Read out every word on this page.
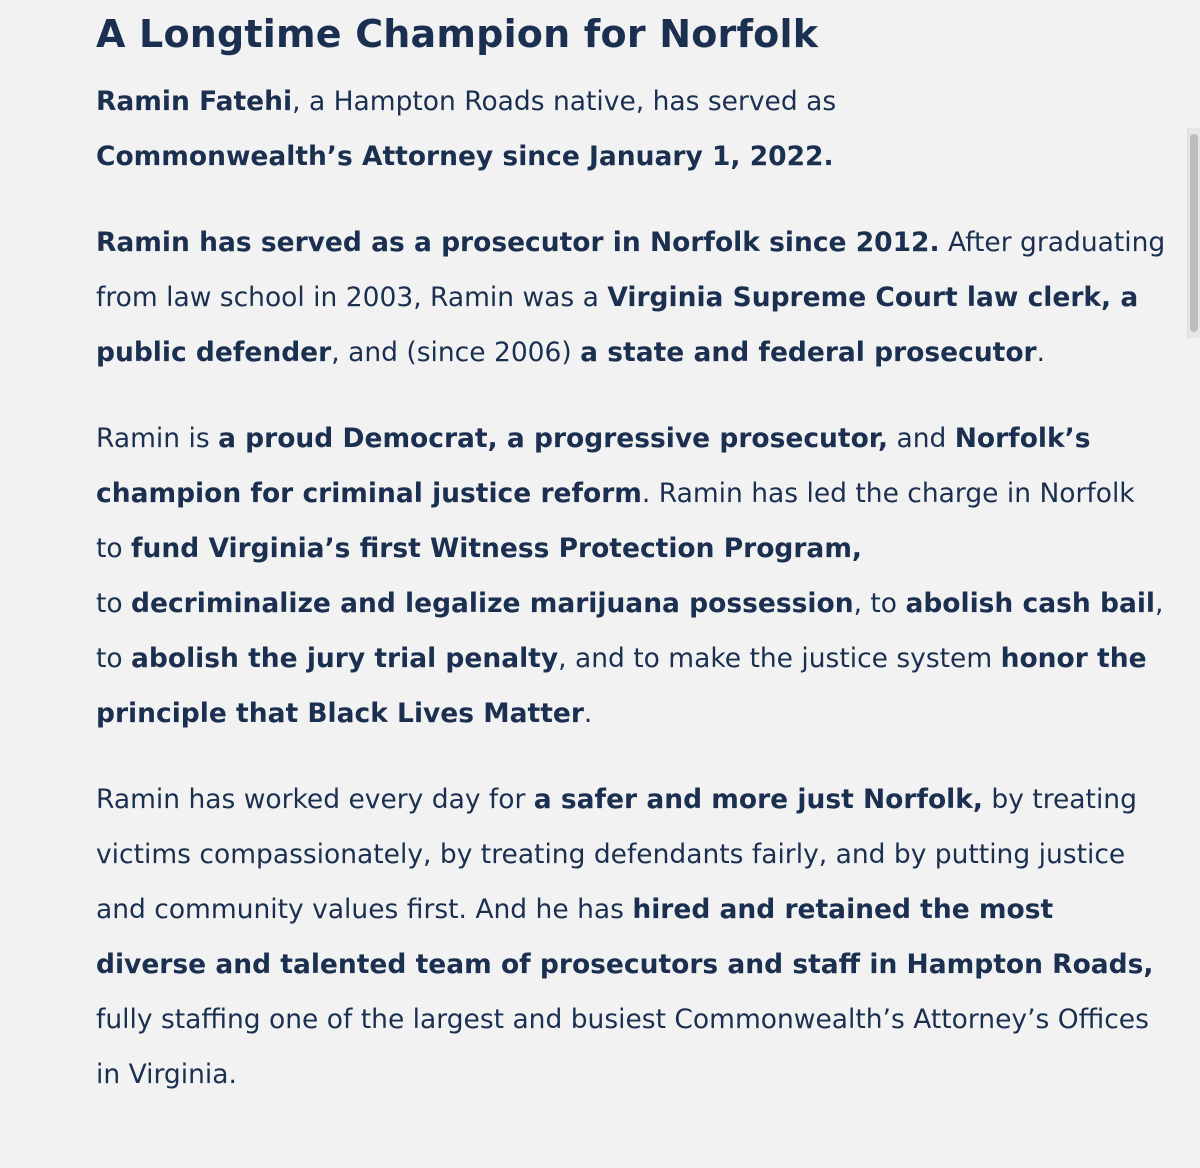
A Longtime Champion for Norfolk

Ramin Fatehi, a Hampton Roads native, has served as
Commonwealth’s Attorney since January 1, 2022.

Ramin has served as a prosecutor in Norfolk since 2012. After graduating from law school in 2003, Ramin was a Virginia Supreme Court law clerk, a public defender, and (since 2006) a state and federal prosecutor.

Ramin is a proud Democrat, a progressive prosecutor, and Norfolk’s champion for criminal justice reform. Ramin has led the charge in Norfolk to fund Virginia’s first Witness Protection Program,
to decriminalize and legalize marijuana possession, to abolish cash bail, to abolish the jury trial penalty, and to make the justice system honor the principle that Black Lives Matter.

Ramin has worked every day for a safer and more just Norfolk, by treating victims compassionately, by treating defendants fairly, and by putting justice and community values first. And he has hired and retained the most diverse and talented team of prosecutors and staff in Hampton Roads, fully staffing one of the largest and busiest Commonwealth’s Attorney’s Offices in Virginia.
